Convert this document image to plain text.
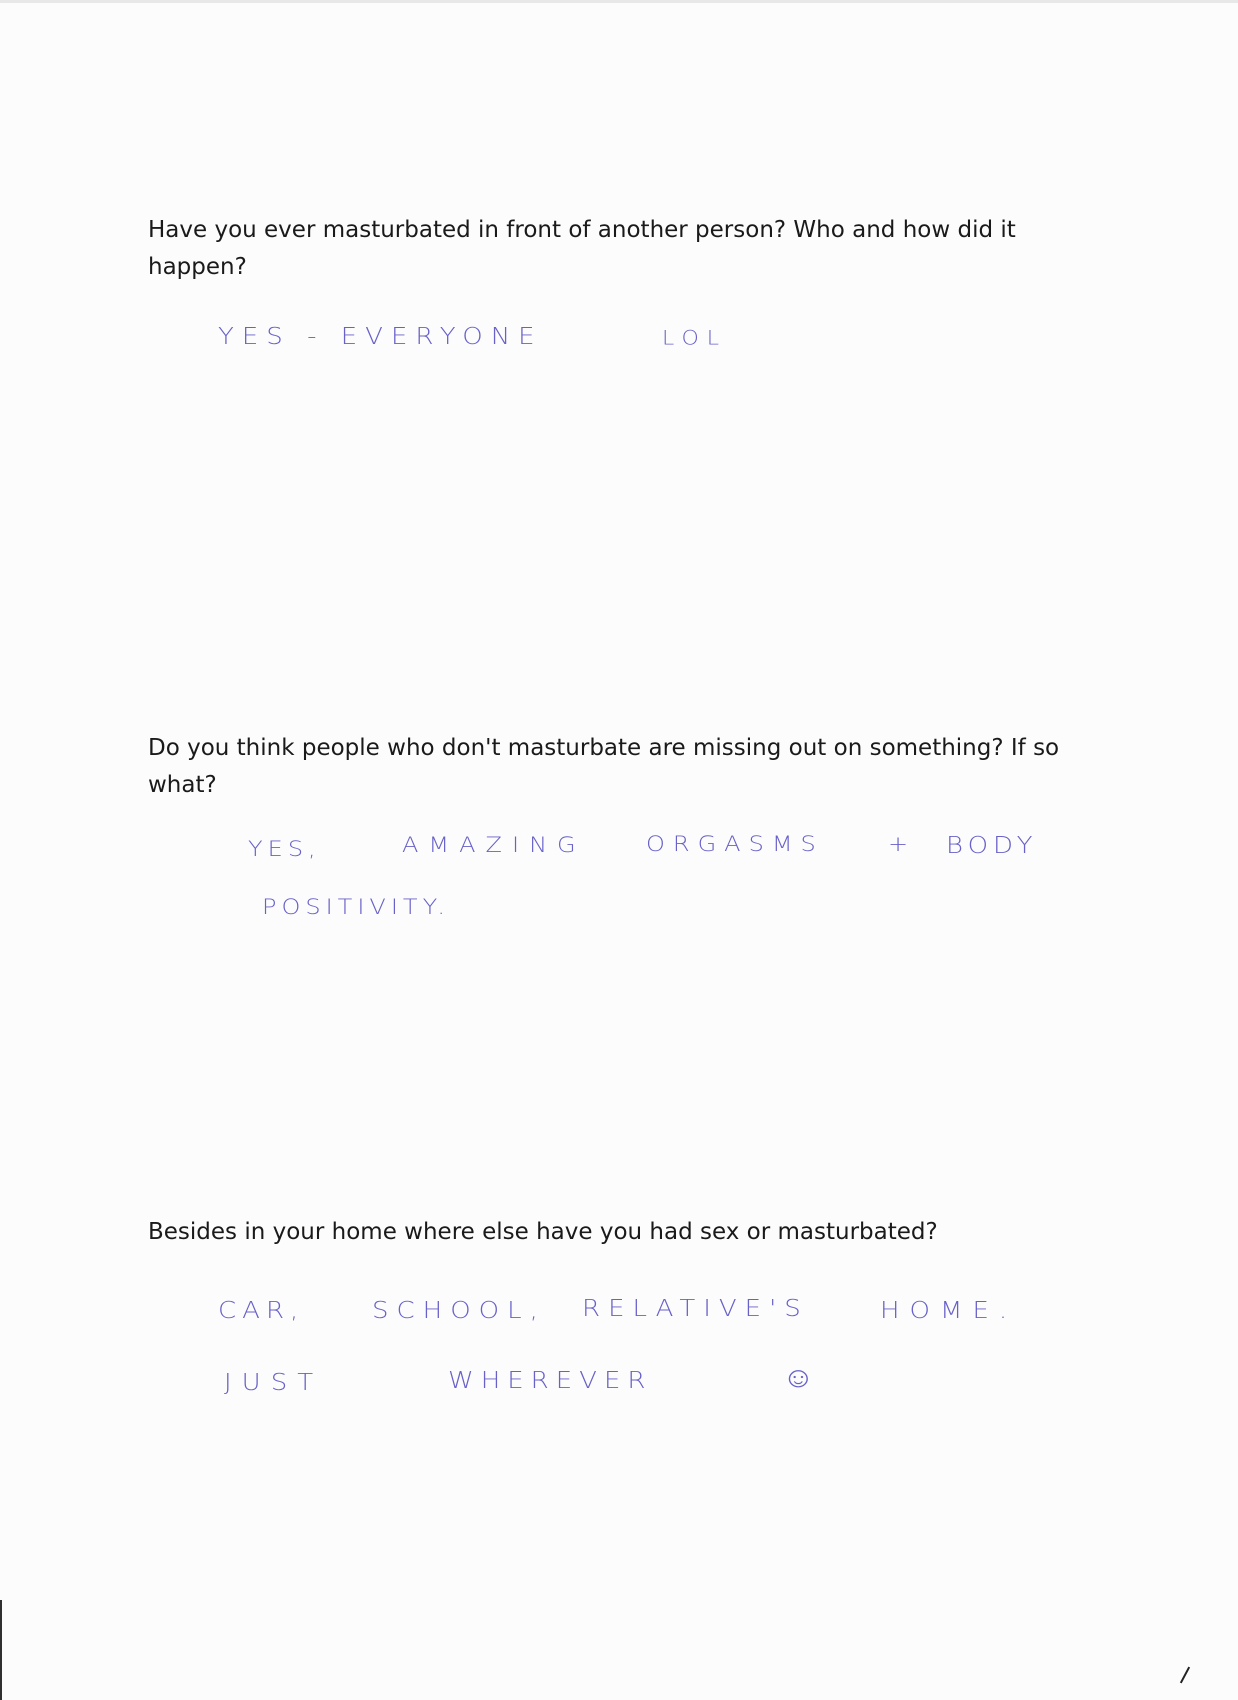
Have you ever masturbated in front of another person? Who and how did it happen?

YES - EVERYONE	LOL

Do you think people who don't masturbate are missing out on something? If so what?

YES,	AMAZING	ORGASMS	+ BODY
POSITIVITY.

Besides in your home where else have you had sex or masturbated?

CAR,	SCHOOL, RELATIVE'S	HOME.
JUST	WHEREVER	☺
